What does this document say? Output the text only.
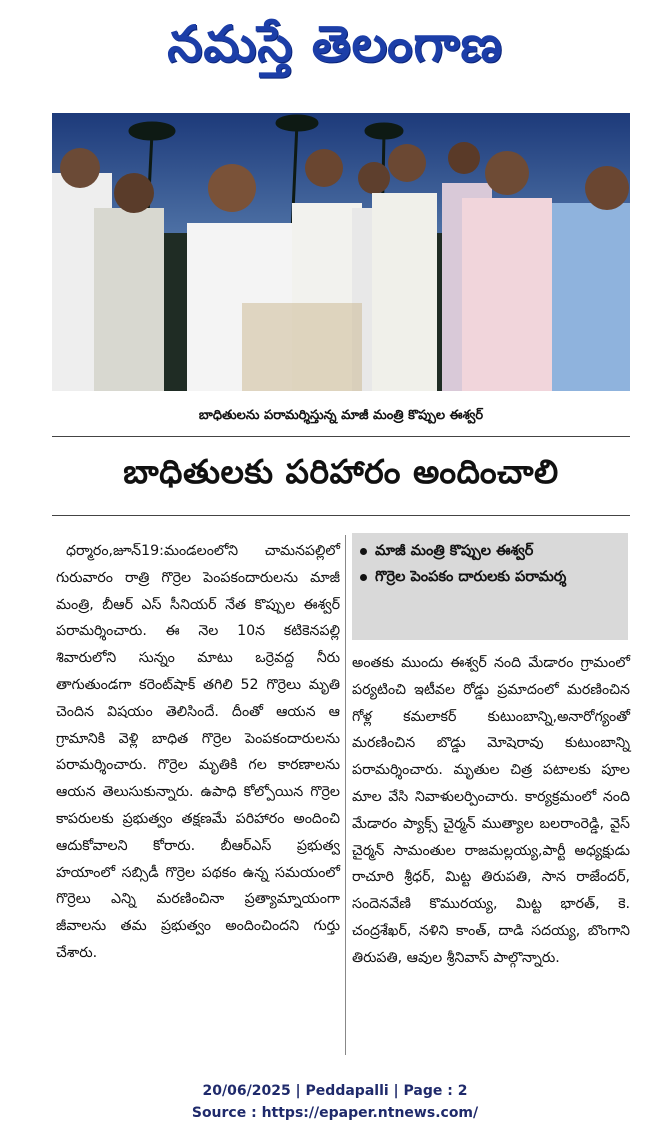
నమస్తే తెలంగాణ
బాధితులను పరామర్శిస్తున్న మాజీ మంత్రి కొప్పుల ఈశ్వర్
బాధితులకు పరిహారం అందించాలి
ధర్మారం,జూన్19:మండలంలోని చామనపల్లిలో గురువారం రాత్రి గొర్రెల పెంపకందారులను మాజీ మంత్రి, బీఆర్ ఎస్ సీనియర్ నేత కొప్పుల ఈశ్వర్ పరామర్శించారు. ఈ నెల 10న కటికెనపల్లి శివారులోని సున్నం మాటు ఒర్రెవద్ద నీరు తాగుతుండగా కరెంట్‌షాక్ తగిలి 52 గొర్రెలు మృతి చెందిన విషయం తెలిసిందే. దీంతో ఆయన ఆ గ్రామానికి వెళ్లి బాధిత గొర్రెల పెంపకందారులను పరామర్శించారు. గొర్రెల మృతికి గల కారణాలను ఆయన తెలుసుకున్నారు. ఉపాధి కోల్పోయిన గొర్రెల కాపరులకు ప్రభుత్వం తక్షణమే పరిహారం అందించి ఆదుకోవాలని కోరారు. బీఆర్‌ఎస్ ప్రభుత్వ హయాంలో సబ్సిడీ గొర్రెల పథకం ఉన్న సమయంలో గొర్రెలు ఎన్ని మరణించినా ప్రత్యామ్నాయంగా జీవాలను తమ ప్రభుత్వం అందించిందని గుర్తు చేశారు.
మాజీ మంత్రి కొప్పుల ఈశ్వర్
గొర్రెల పెంపకం దారులకు పరామర్శ
అంతకు ముందు ఈశ్వర్ నంది మేడారం గ్రామంలో పర్యటించి ఇటీవల రోడ్డు ప్రమాదంలో మరణించిన గోళ్ల కమలాకర్ కుటుంబాన్ని,అనారోగ్యంతో మరణించిన బొడ్డు మోషెరావు కుటుంబాన్ని పరామర్శించారు. మృతుల చిత్ర పటాలకు పూల మాల వేసి నివాళులర్పించారు. కార్యక్రమంలో నంది మేడారం ప్యాక్స్ చైర్మన్ ముత్యాల బలరాంరెడ్డి, వైస్ చైర్మన్ సామంతుల రాజమల్లయ్య,పార్టీ అధ్యక్షుడు రాచూరి శ్రీధర్, మిట్ట తిరుపతి, సాన రాజేందర్, సందెనవేణి కొమురయ్య, మిట్ట భారత్, కె. చంద్రశేఖర్, నళిని కాంత్, దాడి సదయ్య, బొంగాని తిరుపతి, ఆవుల శ్రీనివాస్ పాల్గొన్నారు.
20/06/2025 | Peddapalli | Page : 2
Source : https://epaper.ntnews.com/
